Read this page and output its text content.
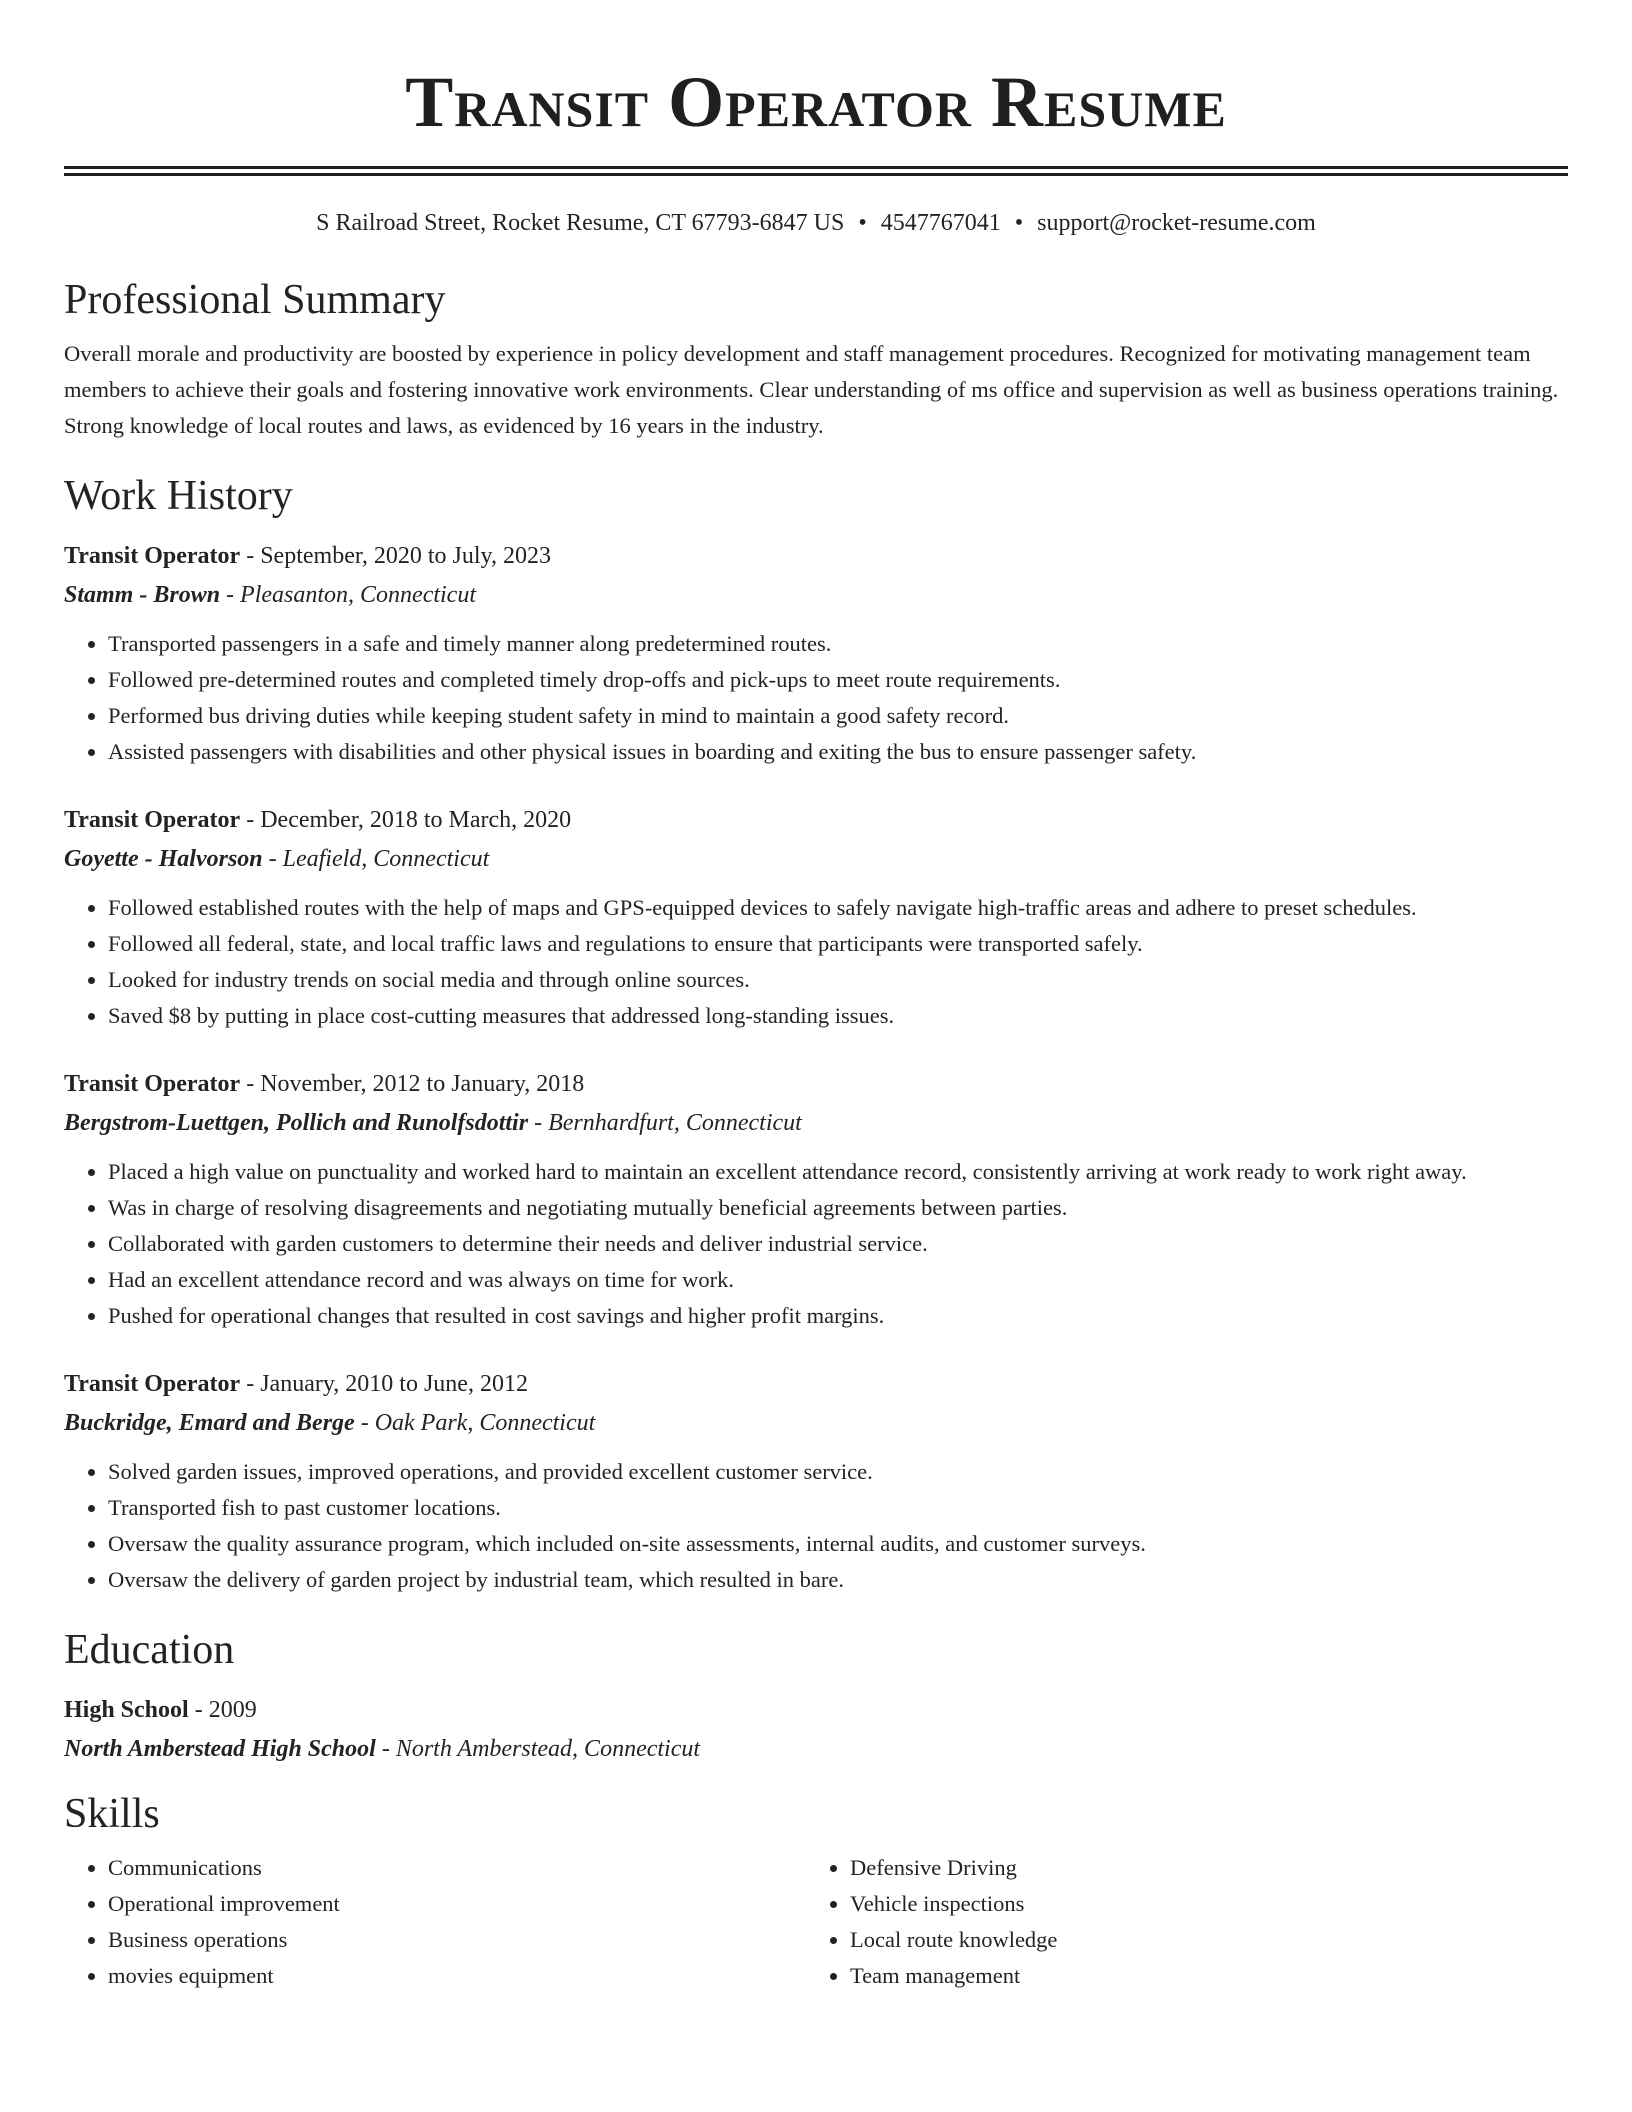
Transit Operator Resume
S Railroad Street, Rocket Resume, CT 67793-6847 US • 4547767041 • support@rocket-resume.com
Professional Summary

Overall morale and productivity are boosted by experience in policy development and staff management procedures. Recognized for motivating management team members to achieve their goals and fostering innovative work environments. Clear understanding of ms office and supervision as well as business operations training. Strong knowledge of local routes and laws, as evidenced by 16 years in the industry.

Work History
Transit Operator - September, 2020 to July, 2023
Stamm - Brown - Pleasanton, Connecticut
• Transported passengers in a safe and timely manner along predetermined routes.
• Followed pre-determined routes and completed timely drop-offs and pick-ups to meet route requirements.
• Performed bus driving duties while keeping student safety in mind to maintain a good safety record.
• Assisted passengers with disabilities and other physical issues in boarding and exiting the bus to ensure passenger safety.
Transit Operator - December, 2018 to March, 2020
Goyette - Halvorson - Leafield, Connecticut
• Followed established routes with the help of maps and GPS-equipped devices to safely navigate high-traffic areas and adhere to preset schedules.
• Followed all federal, state, and local traffic laws and regulations to ensure that participants were transported safely.
• Looked for industry trends on social media and through online sources.
• Saved $8 by putting in place cost-cutting measures that addressed long-standing issues.
Transit Operator - November, 2012 to January, 2018
Bergstrom-Luettgen, Pollich and Runolfsdottir - Bernhardfurt, Connecticut
• Placed a high value on punctuality and worked hard to maintain an excellent attendance record, consistently arriving at work ready to work right away.
• Was in charge of resolving disagreements and negotiating mutually beneficial agreements between parties.
• Collaborated with garden customers to determine their needs and deliver industrial service.
• Had an excellent attendance record and was always on time for work.
• Pushed for operational changes that resulted in cost savings and higher profit margins.
Transit Operator - January, 2010 to June, 2012
Buckridge, Emard and Berge - Oak Park, Connecticut
• Solved garden issues, improved operations, and provided excellent customer service.
• Transported fish to past customer locations.
• Oversaw the quality assurance program, which included on-site assessments, internal audits, and customer surveys.
• Oversaw the delivery of garden project by industrial team, which resulted in bare.
Education
High School - 2009
North Amberstead High School - North Amberstead, Connecticut
Skills
• Communications
• Operational improvement
• Business operations
• movies equipment
• Defensive Driving
• Vehicle inspections
• Local route knowledge
• Team management
